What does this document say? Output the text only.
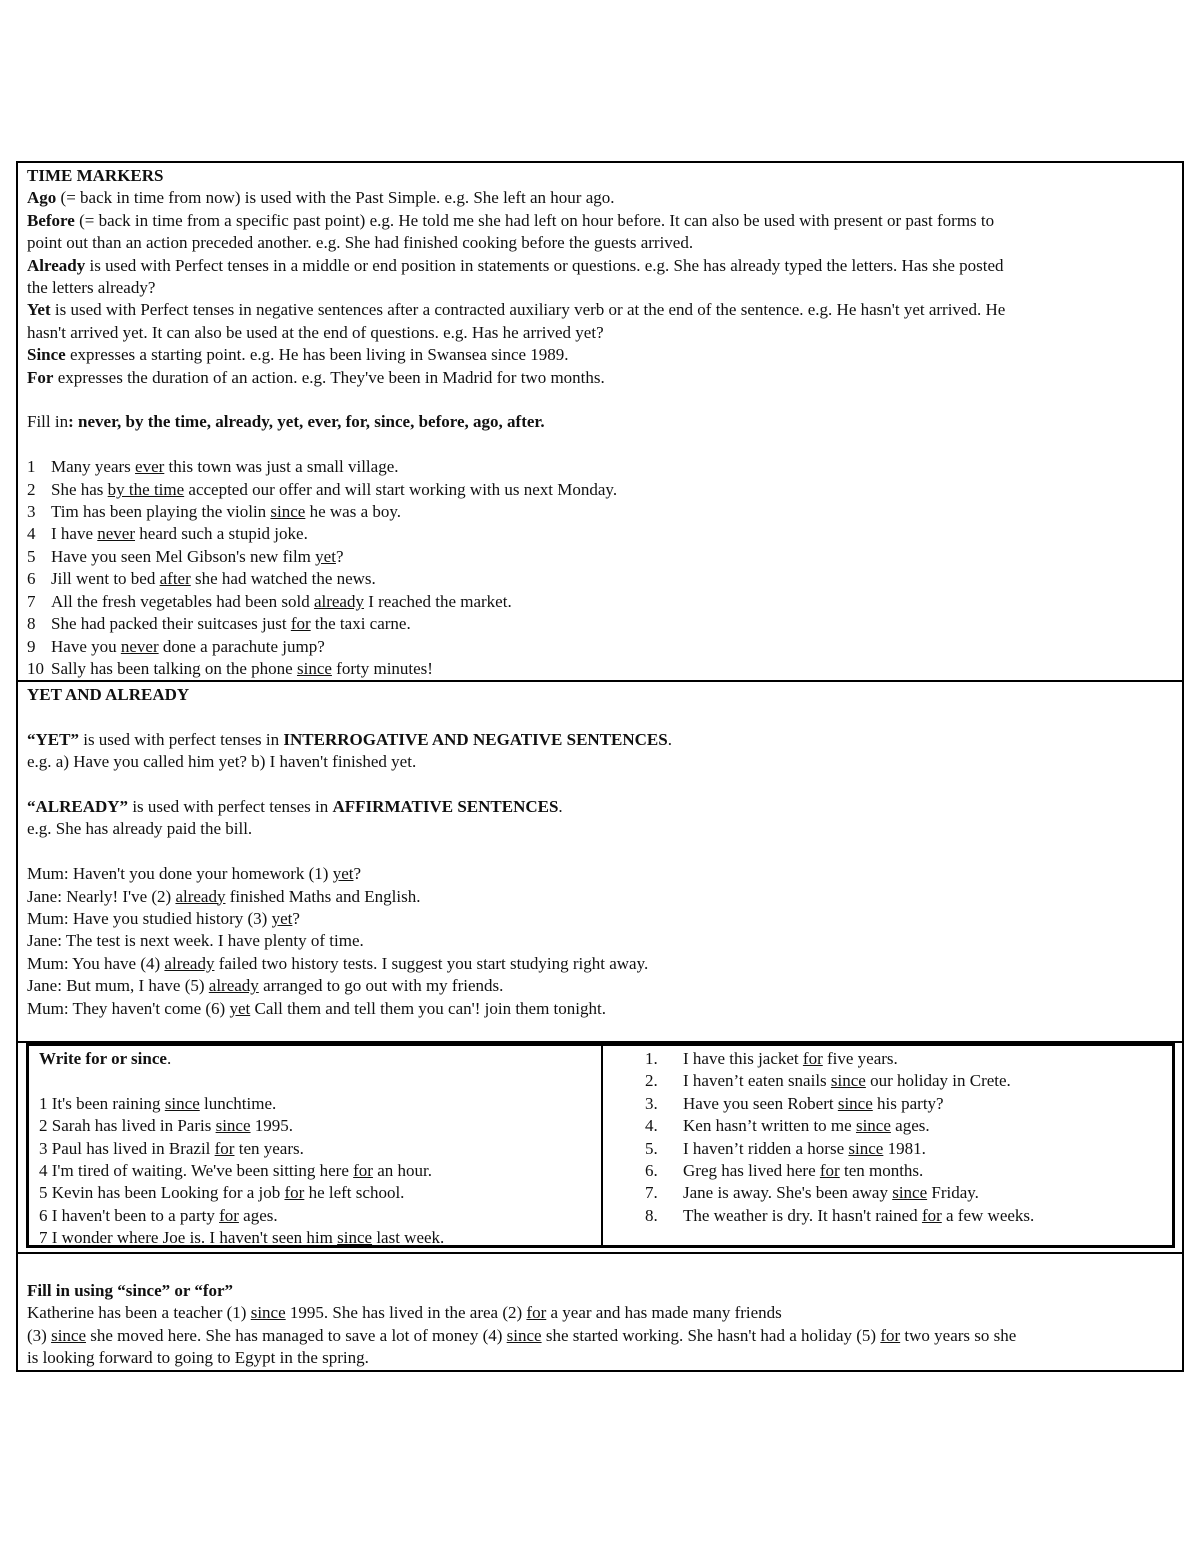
TIME MARKERS
Ago (= back in time from now) is used with the Past Simple. e.g. She left an hour ago.
Before (= back in time from a specific past point) e.g. He told me she had left on hour before. It can also be used with present or past forms to
point out than an action preceded another. e.g. She had finished cooking before the guests arrived.
Already is used with Perfect tenses in a middle or end position in statements or questions. e.g. She has already typed the letters. Has she posted
the letters already?
Yet is used with Perfect tenses in negative sentences after a contracted auxiliary verb or at the end of the sentence. e.g. He hasn't yet arrived. He
hasn't arrived yet. It can also be used at the end of questions. e.g. Has he arrived yet?
Since expresses a starting point. e.g. He has been living in Swansea since 1989.
For expresses the duration of an action. e.g. They've been in Madrid for two months.
Fill in: never, by the time, already, yet, ever, for, since, before, ago, after.
1 Many years ever this town was just a small village.
2 She has by the time accepted our offer and will start working with us next Monday.
3 Tim has been playing the violin since he was a boy.
4 I have never heard such a stupid joke.
5 Have you seen Mel Gibson's new film yet?
6 Jill went to bed after she had watched the news.
7 All the fresh vegetables had been sold already I reached the market.
8 She had packed their suitcases just for the taxi carne.
9 Have you never done a parachute jump?
10 Sally has been talking on the phone since forty minutes!
YET AND ALREADY
“YET” is used with perfect tenses in INTERROGATIVE AND NEGATIVE SENTENCES.
e.g. a) Have you called him yet? b) I haven't finished yet.
“ALREADY” is used with perfect tenses in AFFIRMATIVE SENTENCES.
e.g. She has already paid the bill.
Mum: Haven't you done your homework (1) yet?
Jane: Nearly! I've (2) already finished Maths and English.
Mum: Have you studied history (3) yet?
Jane: The test is next week. I have plenty of time.
Mum: You have (4) already failed two history tests. I suggest you start studying right away.
Jane: But mum, I have (5) already arranged to go out with my friends.
Mum: They haven't come (6) yet Call them and tell them you can'! join them tonight.
Write for or since.
1 It's been raining since lunchtime.
2 Sarah has lived in Paris since 1995.
3 Paul has lived in Brazil for ten years.
4 I'm tired of waiting. We've been sitting here for an hour.
5 Kevin has been Looking for a job for he left school.
6 I haven't been to a party for ages.
7 I wonder where Joe is. I haven't seen him since last week.
1. I have this jacket for five years.
2. I haven’t eaten snails since our holiday in Crete.
3. Have you seen Robert since his party?
4. Ken hasn’t written to me since ages.
5. I haven’t ridden a horse since 1981.
6. Greg has lived here for ten months.
7. Jane is away. She's been away since Friday.
8. The weather is dry. It hasn't rained for a few weeks.
Fill in using “since” or “for”
Katherine has been a teacher (1) since 1995. She has lived in the area (2) for a year and has made many friends
(3) since she moved here. She has managed to save a lot of money (4) since she started working. She hasn't had a holiday (5) for two years so she
is looking forward to going to Egypt in the spring.
